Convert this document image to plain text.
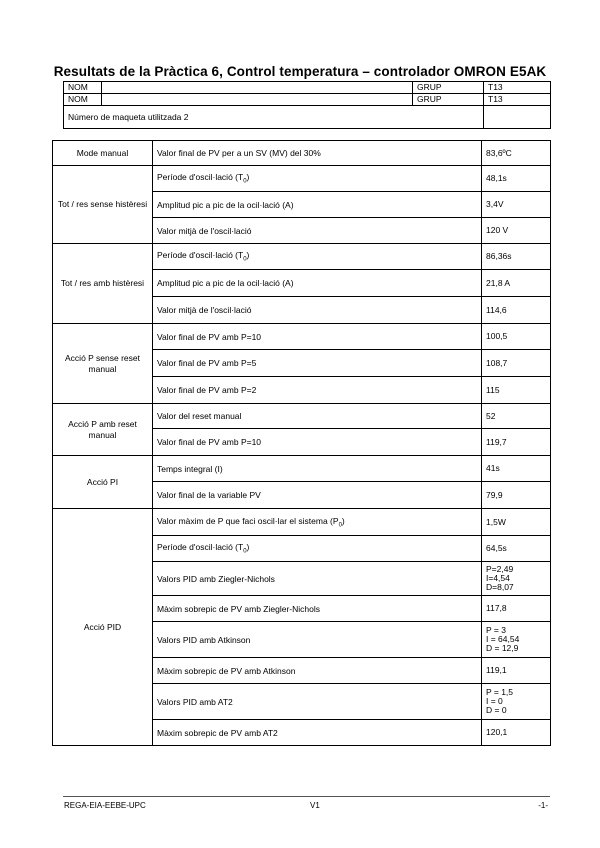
Resultats de la Pràctica 6, Control temperatura – controlador OMRON E5AK
NOM		GRUP	T13
NOM		GRUP	T13
Número de maqueta utilitzada 2			
Mode manual	Valor final de PV per a un SV (MV) del 30%	83,6ºC
Tot / res sense histèresi	Període d'oscil·lació $(T_0)$	48,1s
	Amplitud pic a pic de la ocil·lació (A)	3,4V
	Valor mitjà de l'oscil·lació	120 V
Tot / res amb histèresi	Període d'oscil·lació $(T_0)$	86,36s
	Amplitud pic a pic de la ocil·lació (A)	21,8 A
	Valor mitjà de l'oscil·lació	114,6
Acció P sense reset manual	Valor final de PV amb P=10	100,5
	Valor final de PV amb P=5	108,7
	Valor final de PV amb P=2	115
Acció P amb reset manual	Valor del reset manual	52
	Valor final de PV amb P=10	119,7
Acció PI	Temps integral (I)	41s
	Valor final de la variable PV	79,9
Acció PID	Valor màxim de P que faci oscil·lar el sistema $(P_0)$	1,5W
	Període d'oscil·lació $(T_0)$	64,5s
	Valors PID amb Ziegler-Nichols	P=2,49
I=4,54
D=8,07
	Màxim sobrepic de PV amb Ziegler-Nichols	117,8
	Valors PID amb Atkinson	P = 3
I = 64,54
D = 12,9
	Màxim sobrepic de PV amb Atkinson	119,1
	Valors PID amb AT2	P = 1,5
I = 0
D = 0
	Màxim sobrepic de PV amb AT2	120,1
REGA-EIA-EEBE-UPC	V1	-1-
